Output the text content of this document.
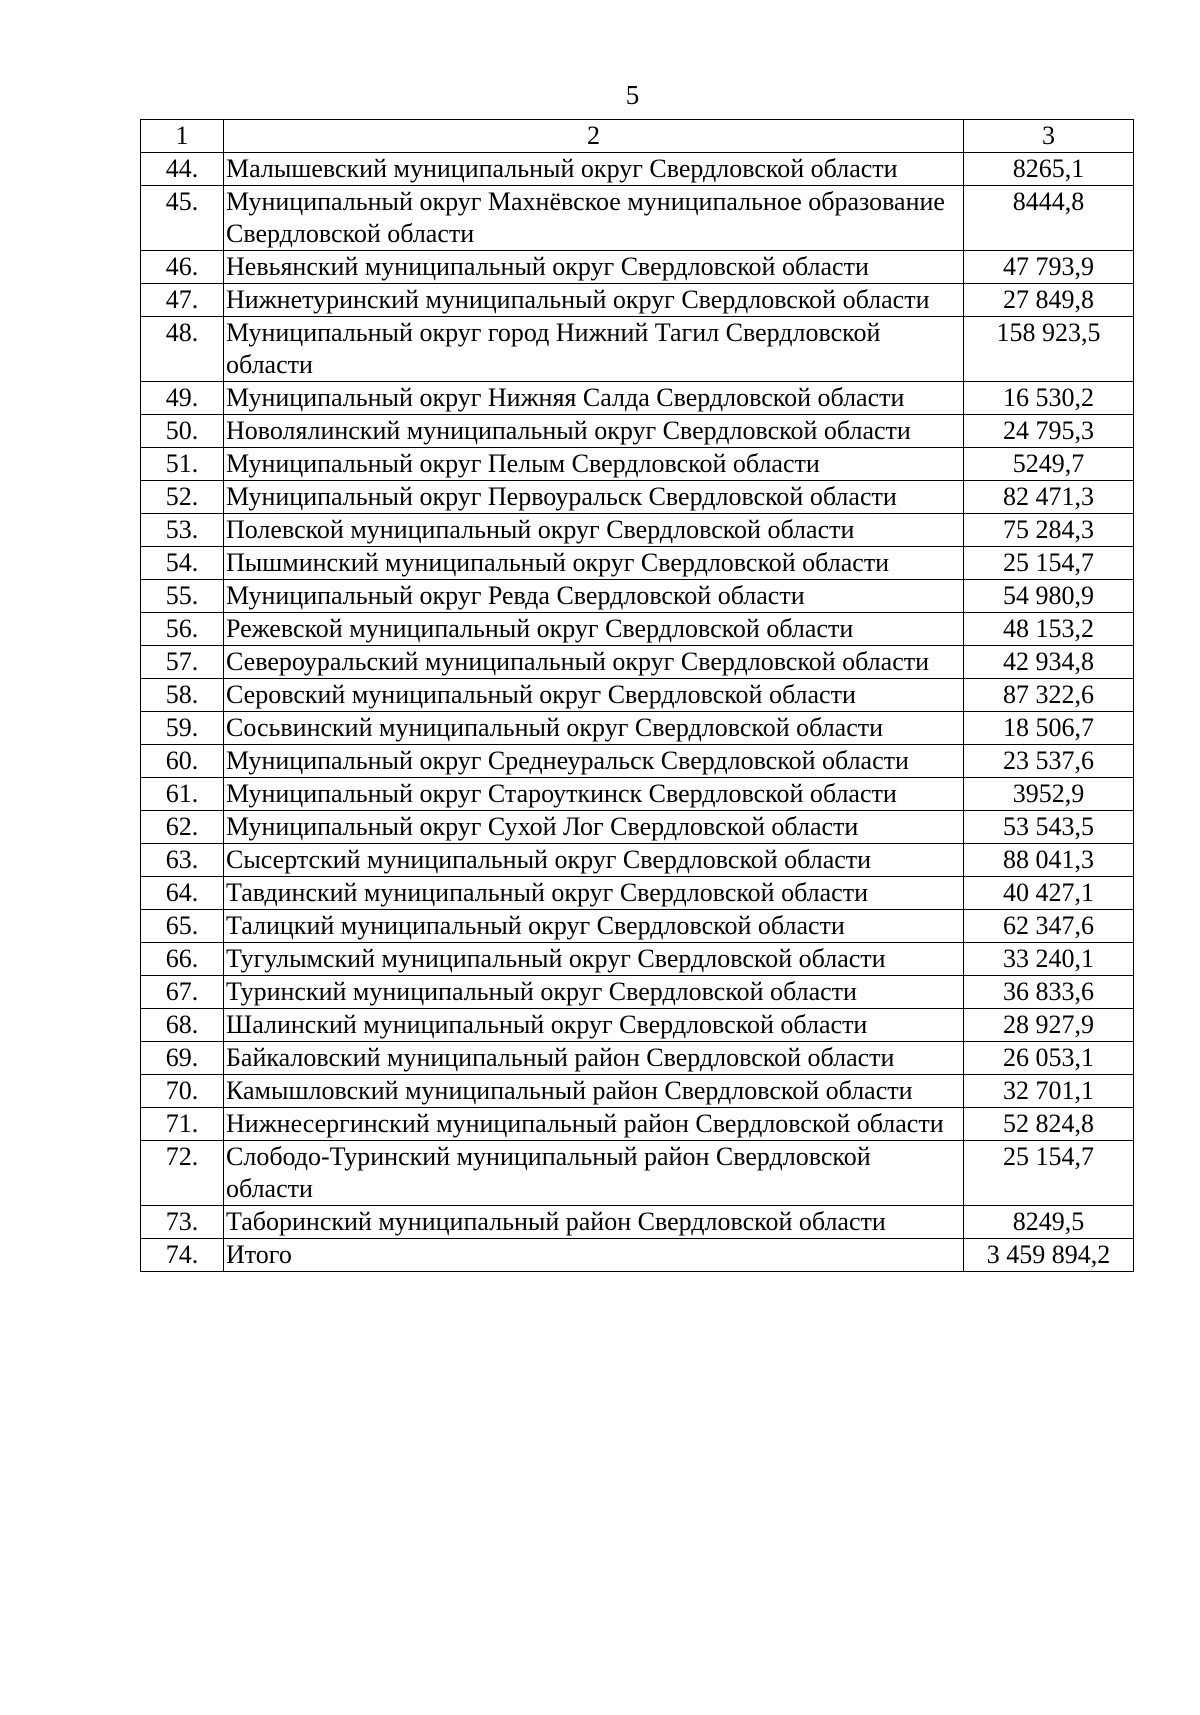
5
1	2	3
44.	Малышевский муниципальный округ Свердловской области	8265,1
45.	Муниципальный округ Махнёвское муниципальное образование Свердловской области	8444,8
46.	Невьянский муниципальный округ Свердловской области	47 793,9
47.	Нижнетуринский муниципальный округ Свердловской области	27 849,8
48.	Муниципальный округ город Нижний Тагил Свердловской области	158 923,5
49.	Муниципальный округ Нижняя Салда Свердловской области	16 530,2
50.	Новолялинский муниципальный округ Свердловской области	24 795,3
51.	Муниципальный округ Пелым Свердловской области	5249,7
52.	Муниципальный округ Первоуральск Свердловской области	82 471,3
53.	Полевской муниципальный округ Свердловской области	75 284,3
54.	Пышминский муниципальный округ Свердловской области	25 154,7
55.	Муниципальный округ Ревда Свердловской области	54 980,9
56.	Режевской муниципальный округ Свердловской области	48 153,2
57.	Североуральский муниципальный округ Свердловской области	42 934,8
58.	Серовский муниципальный округ Свердловской области	87 322,6
59.	Сосьвинский муниципальный округ Свердловской области	18 506,7
60.	Муниципальный округ Среднеуральск Свердловской области	23 537,6
61.	Муниципальный округ Староуткинск Свердловской области	3952,9
62.	Муниципальный округ Сухой Лог Свердловской области	53 543,5
63.	Сысертский муниципальный округ Свердловской области	88 041,3
64.	Тавдинский муниципальный округ Свердловской области	40 427,1
65.	Талицкий муниципальный округ Свердловской области	62 347,6
66.	Тугулымский муниципальный округ Свердловской области	33 240,1
67.	Туринский муниципальный округ Свердловской области	36 833,6
68.	Шалинский муниципальный округ Свердловской области	28 927,9
69.	Байкаловский муниципальный район Свердловской области	26 053,1
70.	Камышловский муниципальный район Свердловской области	32 701,1
71.	Нижнесергинский муниципальный район Свердловской области	52 824,8
72.	Слободо-Туринский муниципальный район Свердловской области	25 154,7
73.	Таборинский муниципальный район Свердловской области	8249,5
74.	Итого	3 459 894,2
